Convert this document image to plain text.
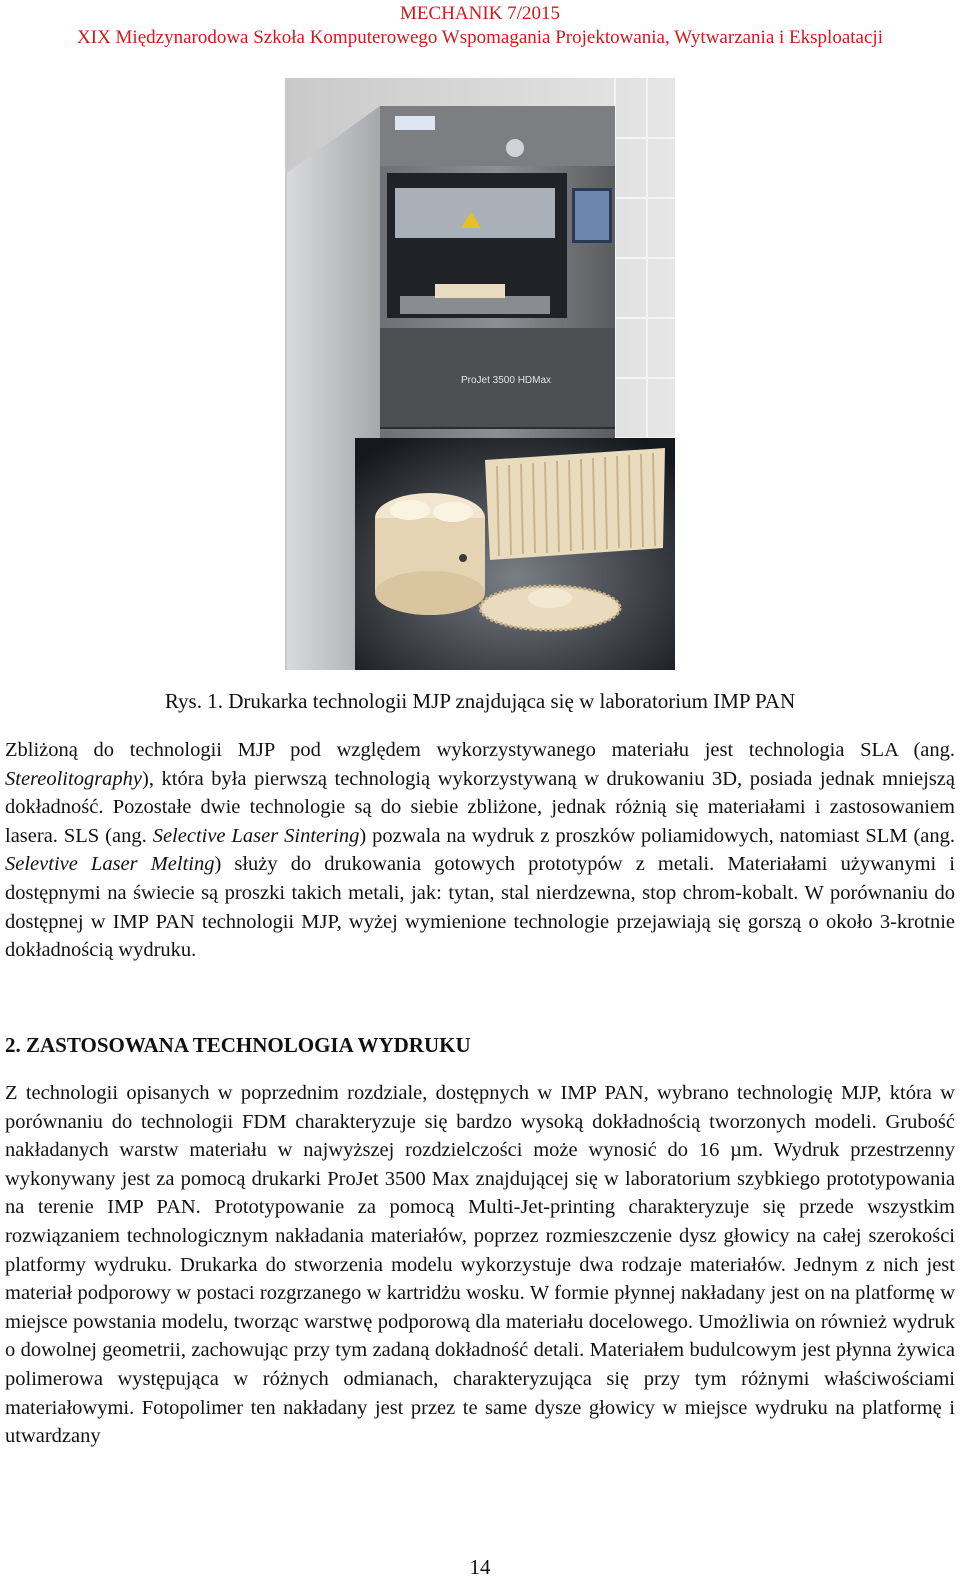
MECHANIK 7/2015
XIX Międzynarodowa Szkoła Komputerowego Wspomagania Projektowania, Wytwarzania i Eksploatacji
ProJet 3500 HDMax
Rys. 1. Drukarka technologii MJP znajdująca się w laboratorium IMP PAN

Zbliżoną do technologii MJP pod względem wykorzystywanego materiału jest technologia SLA (ang. Stereolitography), która była pierwszą technologią wykorzystywaną w drukowaniu 3D, posiada jednak mniejszą dokładność. Pozostałe dwie technologie są do siebie zbliżone, jednak różnią się materiałami i zastosowaniem lasera. SLS (ang. Selective Laser Sintering) pozwala na wydruk z proszków poliamidowych, natomiast SLM (ang. Selevtive Laser Melting) służy do drukowania gotowych prototypów z metali. Materiałami używanymi i dostępnymi na świecie są proszki takich metali, jak: tytan, stal nierdzewna, stop chrom-kobalt. W porównaniu do dostępnej w IMP PAN technologii MJP, wyżej wymienione technologie przejawiają się gorszą o około 3-krotnie dokładnością wydruku.

2. ZASTOSOWANA TECHNOLOGIA WYDRUKU

Z technologii opisanych w poprzednim rozdziale, dostępnych w IMP PAN, wybrano technologię MJP, która w porównaniu do technologii FDM charakteryzuje się bardzo wysoką dokładnością tworzonych modeli. Grubość nakładanych warstw materiału w najwyższej rozdzielczości może wynosić do 16 µm. Wydruk przestrzenny wykonywany jest za pomocą drukarki ProJet 3500 Max znajdującej się w laboratorium szybkiego prototypowania na terenie IMP PAN. Prototypowanie za pomocą Multi-Jet-printing charakteryzuje się przede wszystkim rozwiązaniem technologicznym nakładania materiałów, poprzez rozmieszczenie dysz głowicy na całej szerokości platformy wydruku. Drukarka do stworzenia modelu wykorzystuje dwa rodzaje materiałów. Jednym z nich jest materiał podporowy w postaci rozgrzanego w kartridżu wosku. W formie płynnej nakładany jest on na platformę w miejsce powstania modelu, tworząc warstwę podporową dla materiału docelowego. Umożliwia on również wydruk o dowolnej geometrii, zachowując przy tym zadaną dokładność detali. Materiałem budulcowym jest płynna żywica polimerowa występująca w różnych odmianach, charakteryzująca się przy tym różnymi właściwościami materiałowymi. Fotopolimer ten nakładany jest przez te same dysze głowicy w miejsce wydruku na platformę i utwardzany

14
